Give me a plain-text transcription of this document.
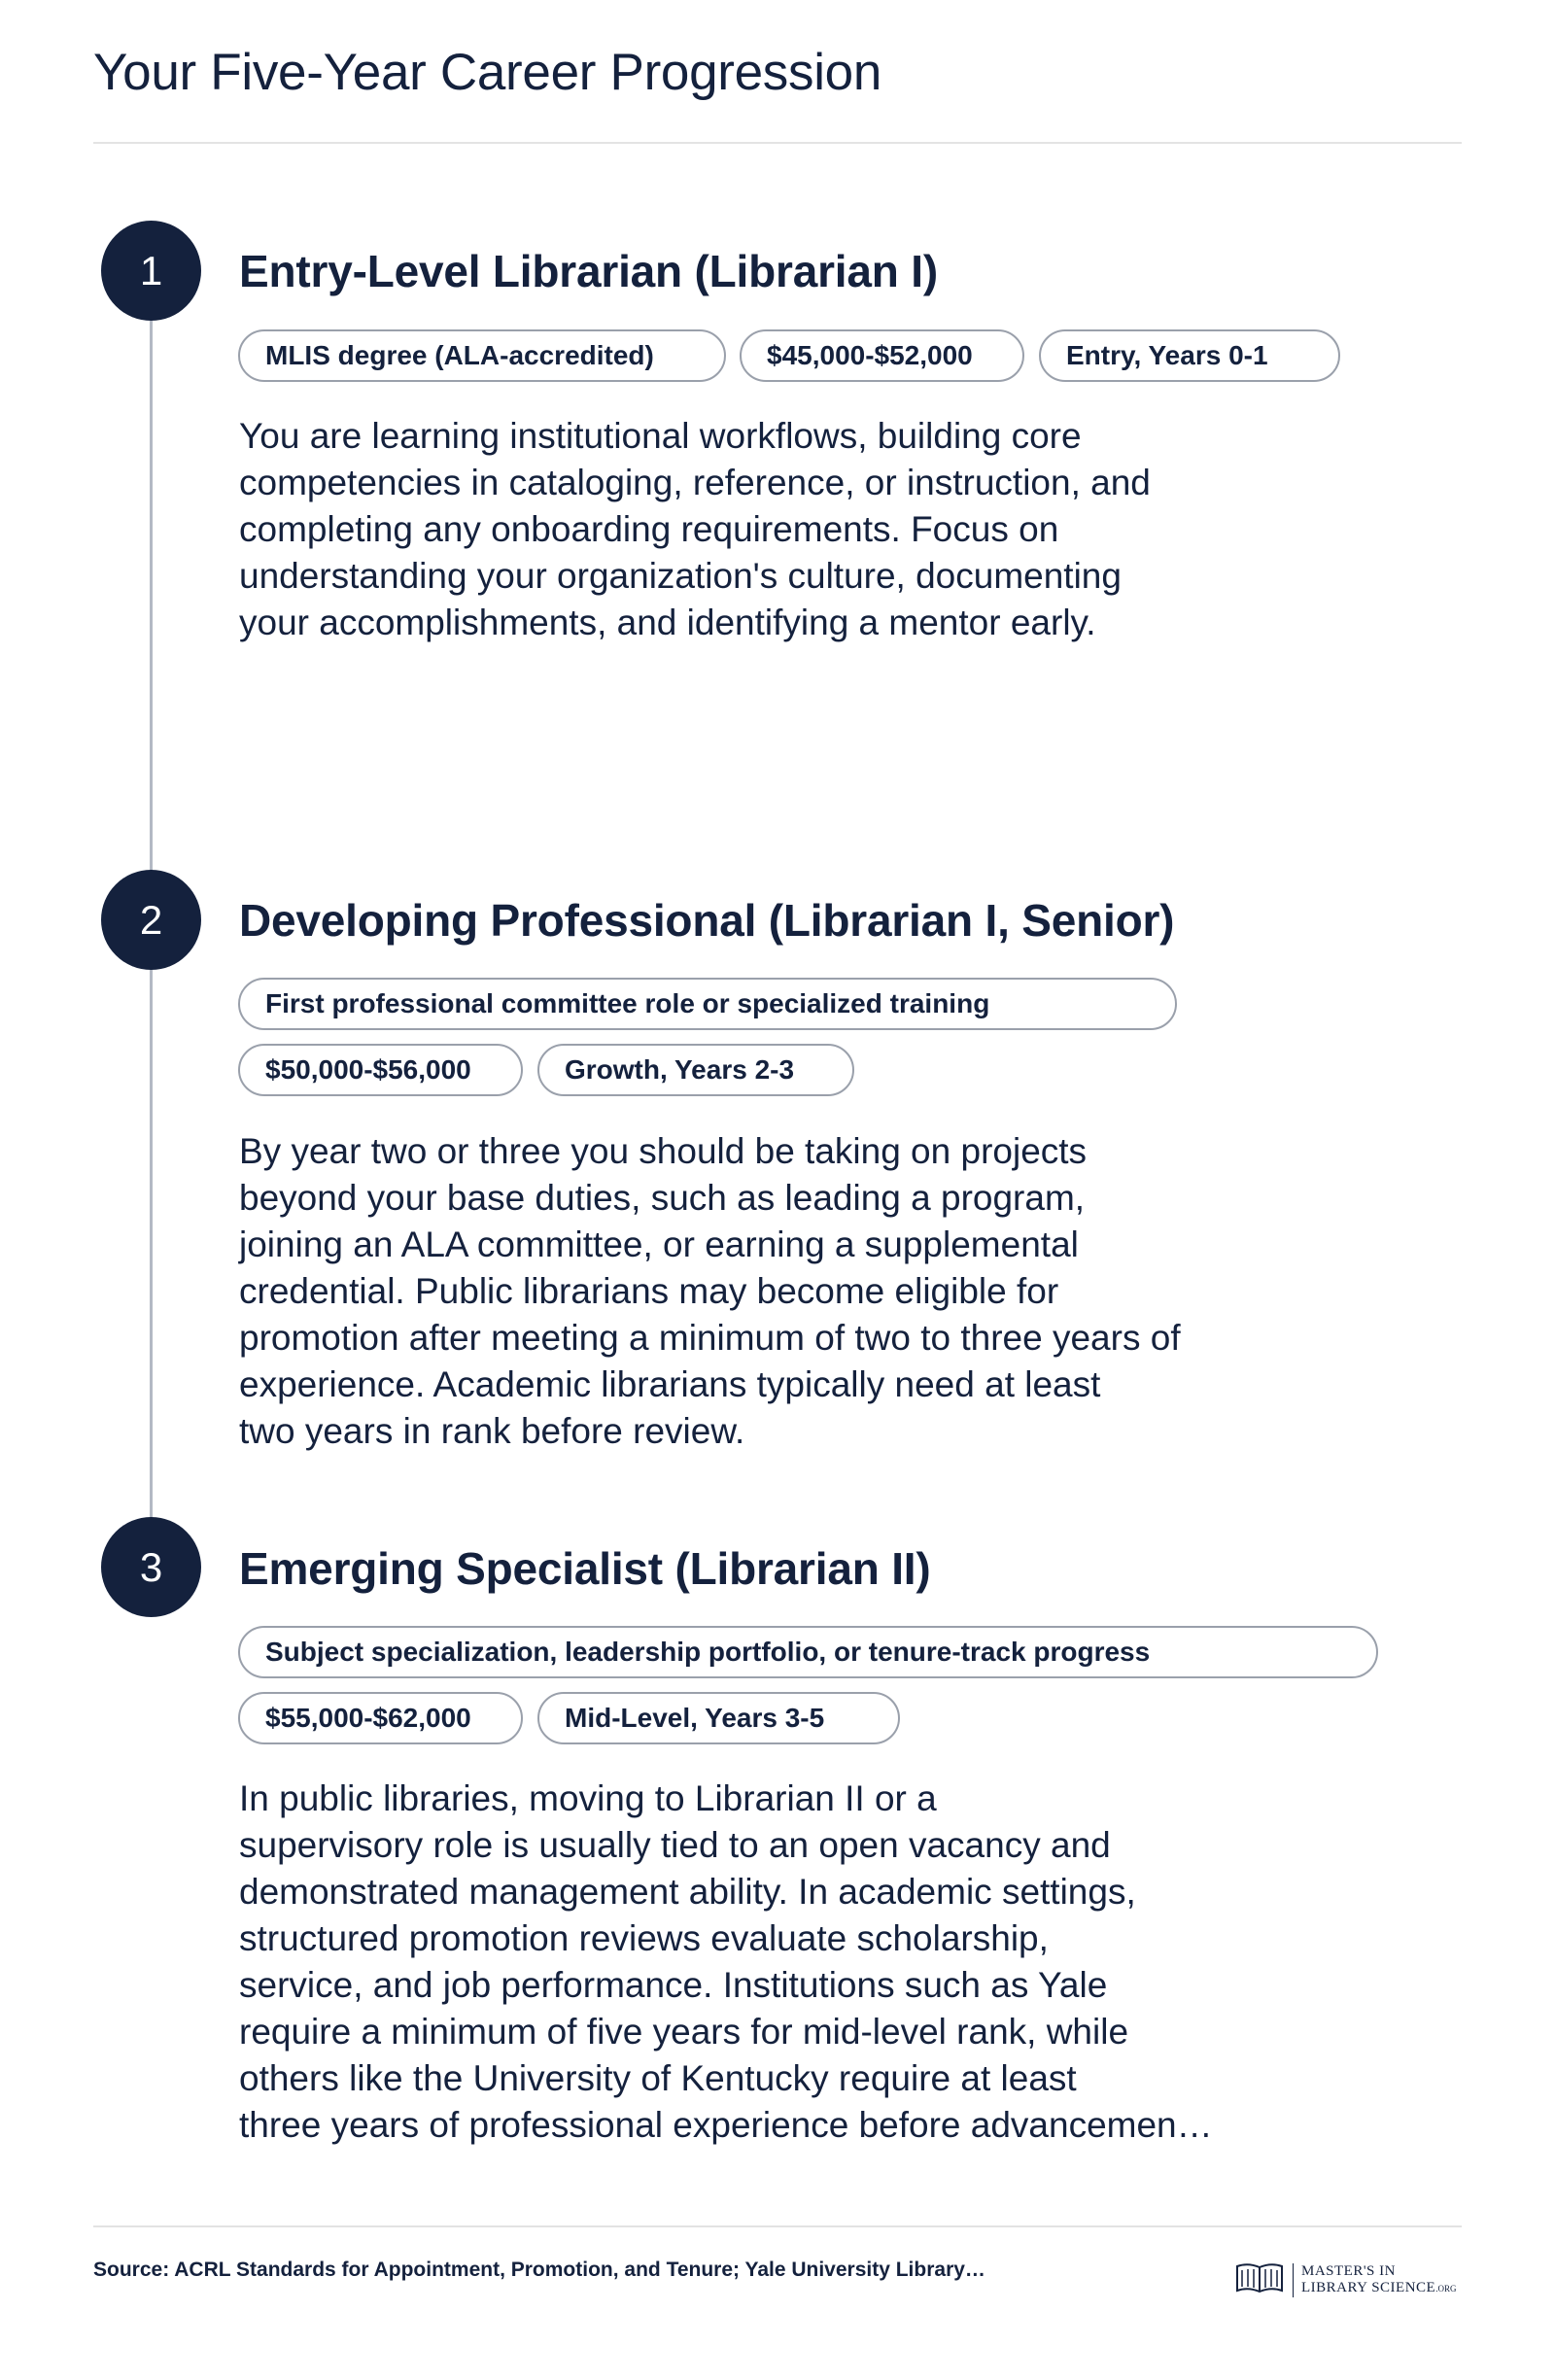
Your Five-Year Career Progression
1	Entry-Level Librarian (Librarian I)
MLIS degree (ALA-accredited)	$45,000-$52,000	Entry, Years 0-1
You are learning institutional workflows, building core
competencies in cataloging, reference, or instruction, and
completing any onboarding requirements. Focus on
understanding your organization's culture, documenting
your accomplishments, and identifying a mentor early.
2	Developing Professional (Librarian I, Senior)
First professional committee role or specialized training
$50,000-$56,000	Growth, Years 2-3
By year two or three you should be taking on projects
beyond your base duties, such as leading a program,
joining an ALA committee, or earning a supplemental
credential. Public librarians may become eligible for
promotion after meeting a minimum of two to three years of
experience. Academic librarians typically need at least
two years in rank before review.
3	Emerging Specialist (Librarian II)
Subject specialization, leadership portfolio, or tenure-track progress
$55,000-$62,000	Mid-Level, Years 3-5
In public libraries, moving to Librarian II or a
supervisory role is usually tied to an open vacancy and
demonstrated management ability. In academic settings,
structured promotion reviews evaluate scholarship,
service, and job performance. Institutions such as Yale
require a minimum of five years for mid-level rank, while
others like the University of Kentucky require at least
three years of professional experience before advancemen…
Source: ACRL Standards for Appointment, Promotion, and Tenure; Yale University Library…	MASTER'S IN
LIBRARY SCIENCE.ORG
